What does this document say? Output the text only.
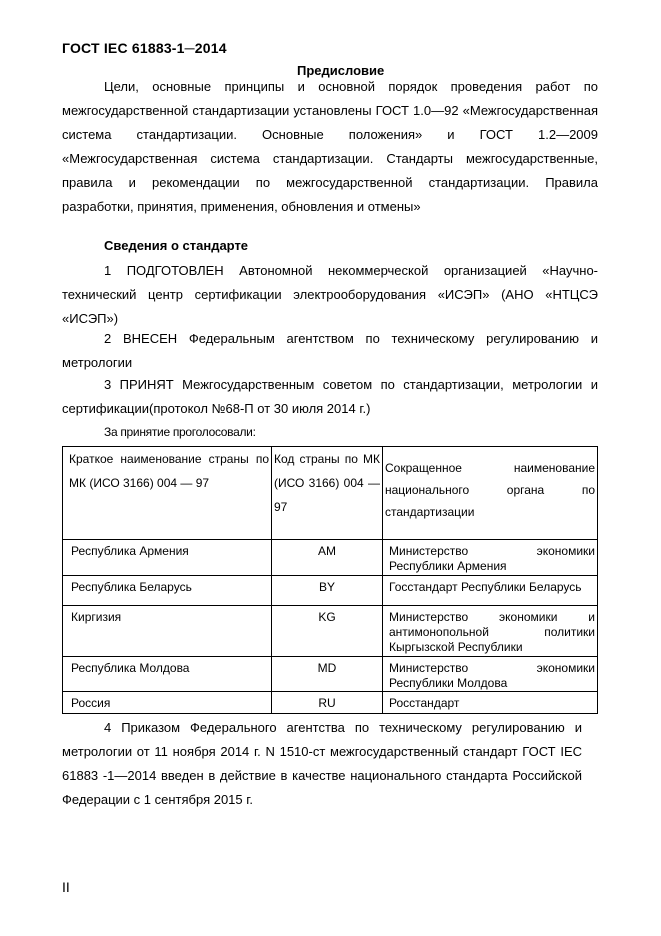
ГОСТ IEC 61883-1─2014
Предисловие
Цели, основные принципы и основной порядок проведения работ по межгосударственной стандартизации установлены ГОСТ 1.0—92 «Межгосударственная система стандартизации. Основные положения» и ГОСТ 1.2—2009 «Межгосударственная система стандартизации. Стандарты межгосударственные, правила и рекомендации по межгосударственной стандартизации. Правила разработки, принятия, применения, обновления и отмены»
Сведения о стандарте
1 ПОДГОТОВЛЕН Автономной некоммерческой организацией «Научно-технический центр сертификации электрооборудования «ИСЭП» (АНО «НТЦСЭ «ИСЭП»)
2 ВНЕСЕН Федеральным агентством по техническому регулированию и метрологии
3 ПРИНЯТ Межгосударственным советом по стандартизации, метрологии и сертификации(протокол №68-П от 30 июля 2014 г.)
За принятие проголосовали:
Краткое наименование страны по МК (ИСО 3166) 004 — 97	Код страны по МК (ИСО 3166) 004 — 97	Сокращенное наименование национального органа по стандартизации
Республика Армения	AM	Министерство экономики Республики Армения
Республика Беларусь	BY	Госстандарт Республики Беларусь
Киргизия	KG	Министерство экономики и антимонопольной политики Кыргызской Республики
Республика Молдова	MD	Министерство экономики Республики Молдова
Россия	RU	Росстандарт
4 Приказом Федерального агентства по техническому регулированию и метрологии от 11 ноября 2014 г. N 1510-ст межгосударственный стандарт ГОСТ IEC 61883 -1—2014 введен в действие в качестве национального стандарта Российской Федерации с 1 сентября 2015 г.
II
